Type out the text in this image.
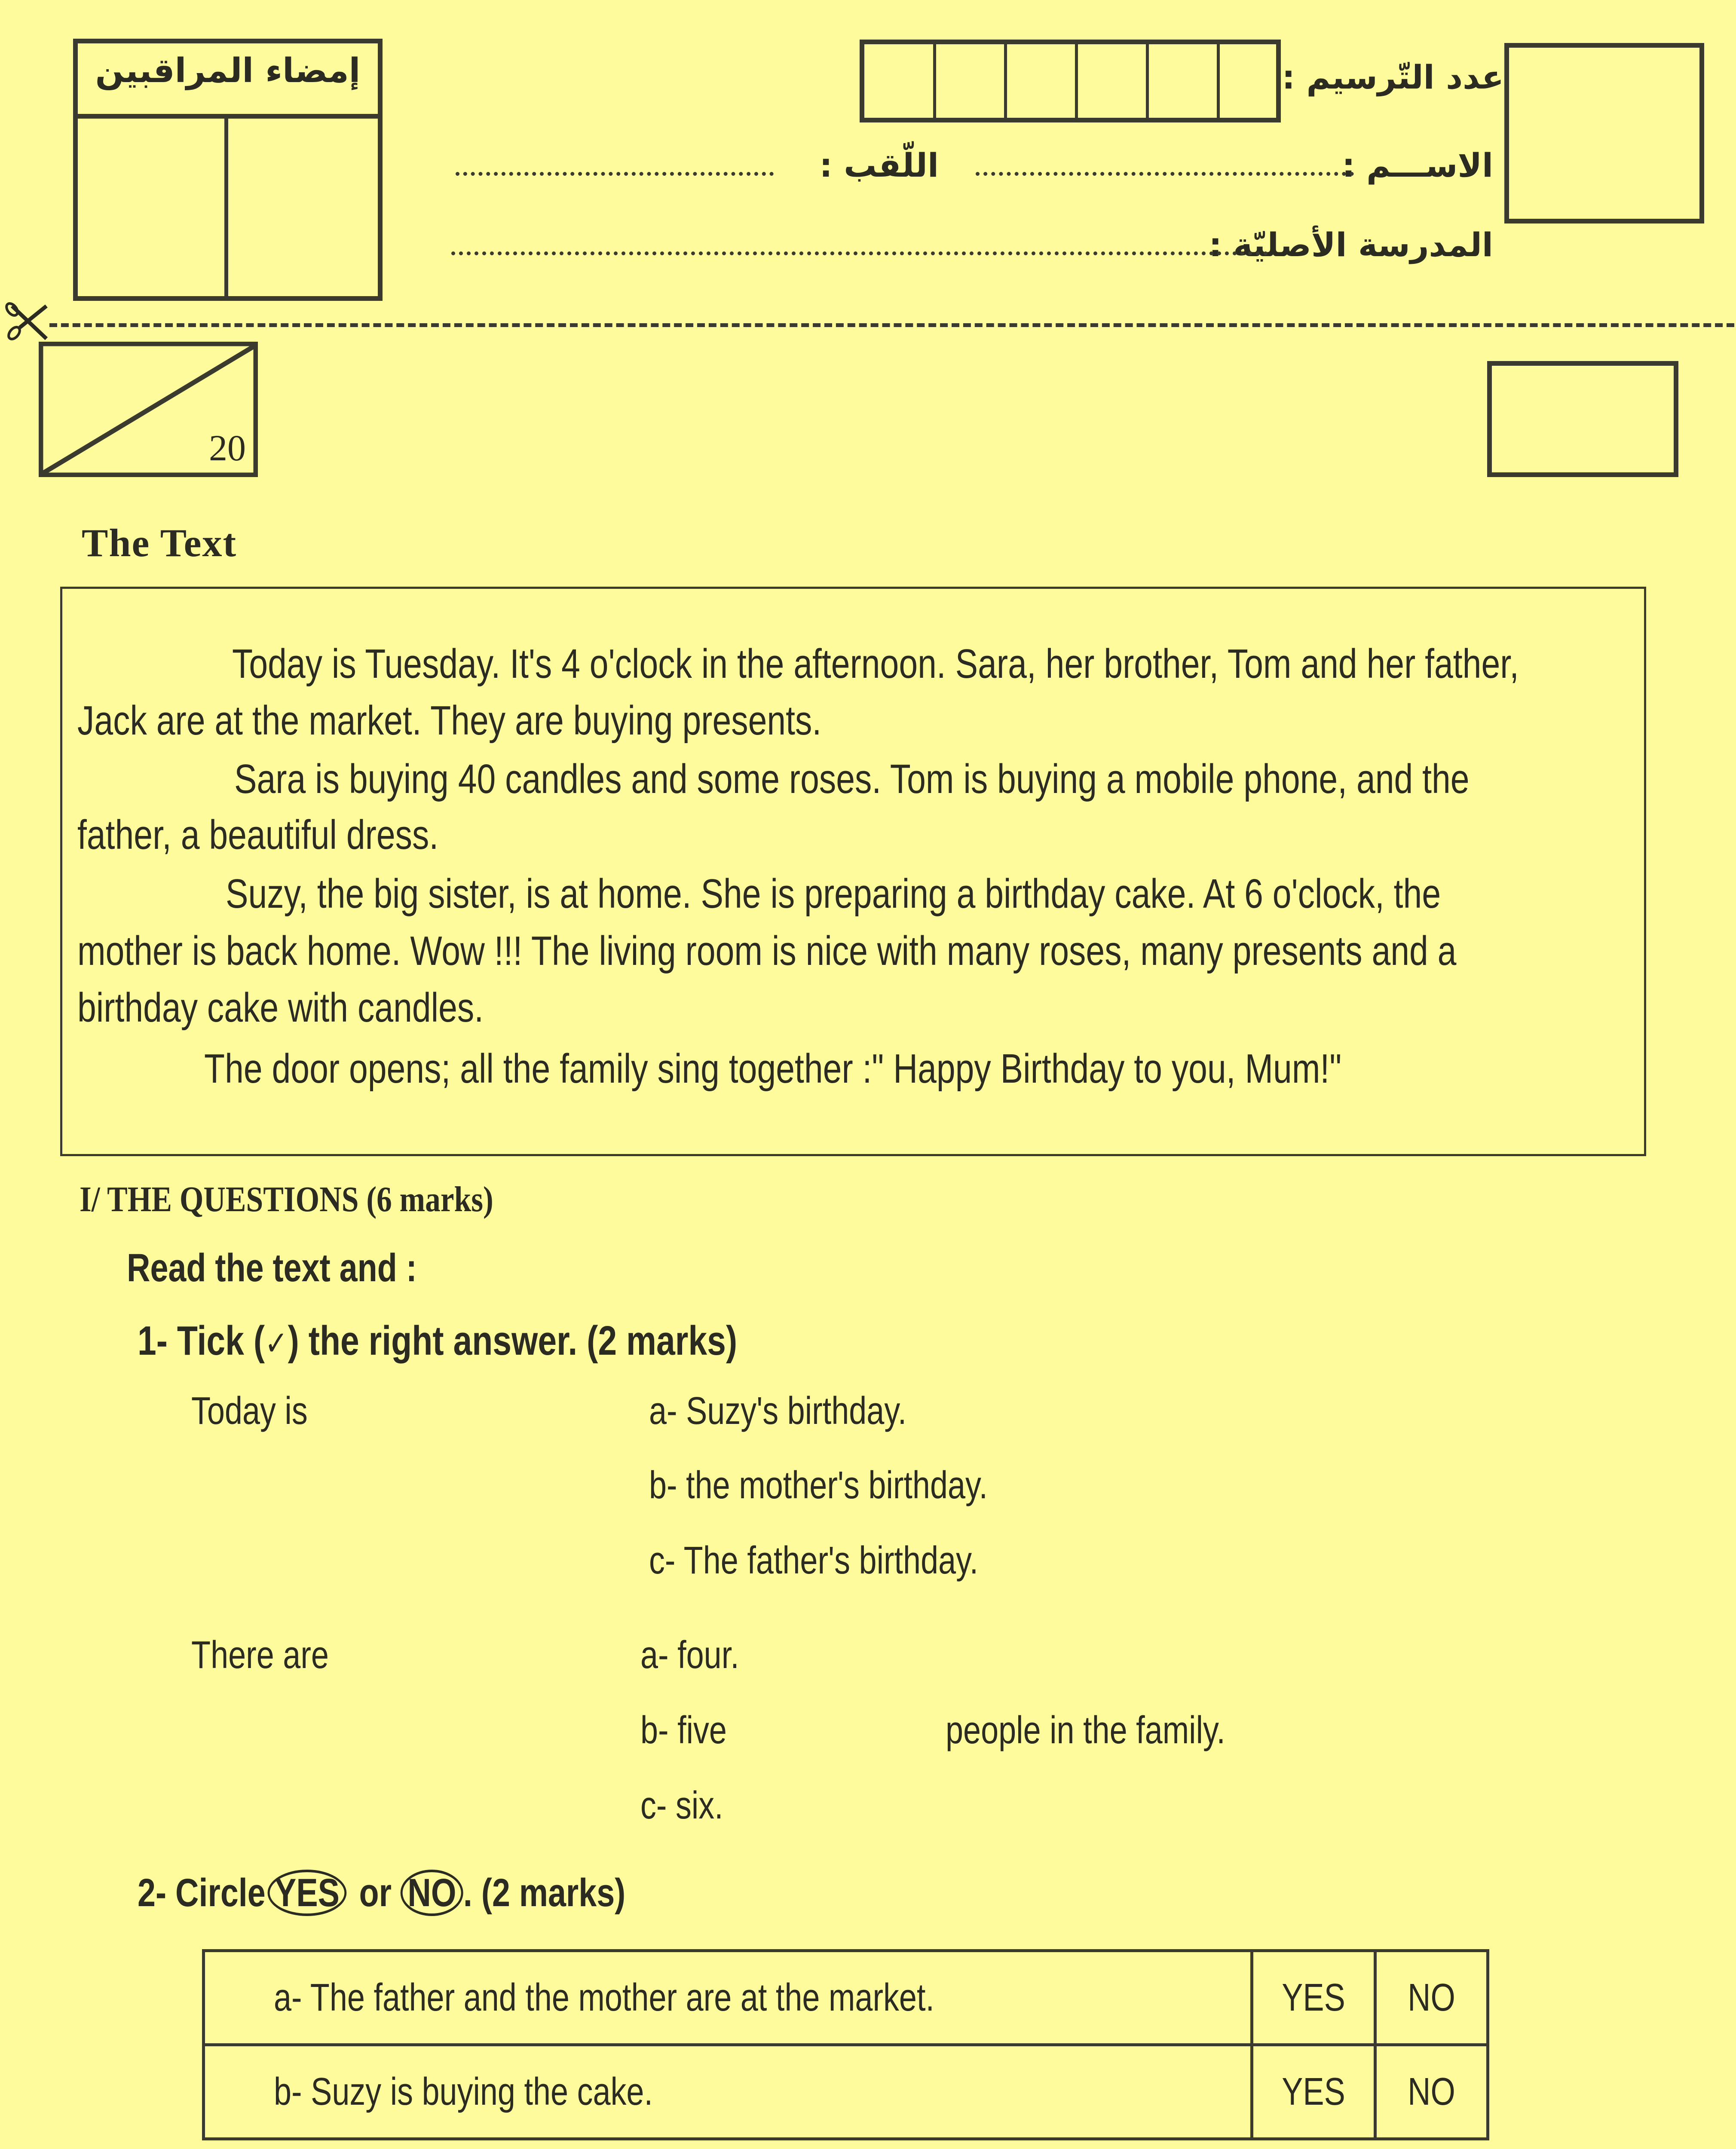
إمضاء المراقبين	عدد التّرسيم :
الاســـم :
اللّقب :
المدرسة الأصليّة :
20
The Text
Today is Tuesday. It's 4 o'clock in the afternoon. Sara, her brother, Tom and her father,
Jack are at the market. They are buying presents.
Sara is buying 40 candles and some roses. Tom is buying a mobile phone, and the
father, a beautiful dress.
Suzy, the big sister, is at home. She is preparing a birthday cake. At 6 o'clock, the
mother is back home. Wow !!! The living room is nice with many roses, many presents and a
birthday cake with candles.
The door opens; all the family sing together :" Happy Birthday to you, Mum!"
I/ THE QUESTIONS (6 marks)
Read the text and :
1- Tick (✓) the right answer. (2 marks)
Today is	a- Suzy's birthday.
b- the mother's birthday.
c- The father's birthday.
There are	a- four.
b- five
c- six.
people in the family.
2- Circle YES or NO . (2 marks)
a- The father and the mother are at the market.	YES	NO
b- Suzy is buying the cake.	YES	NO
